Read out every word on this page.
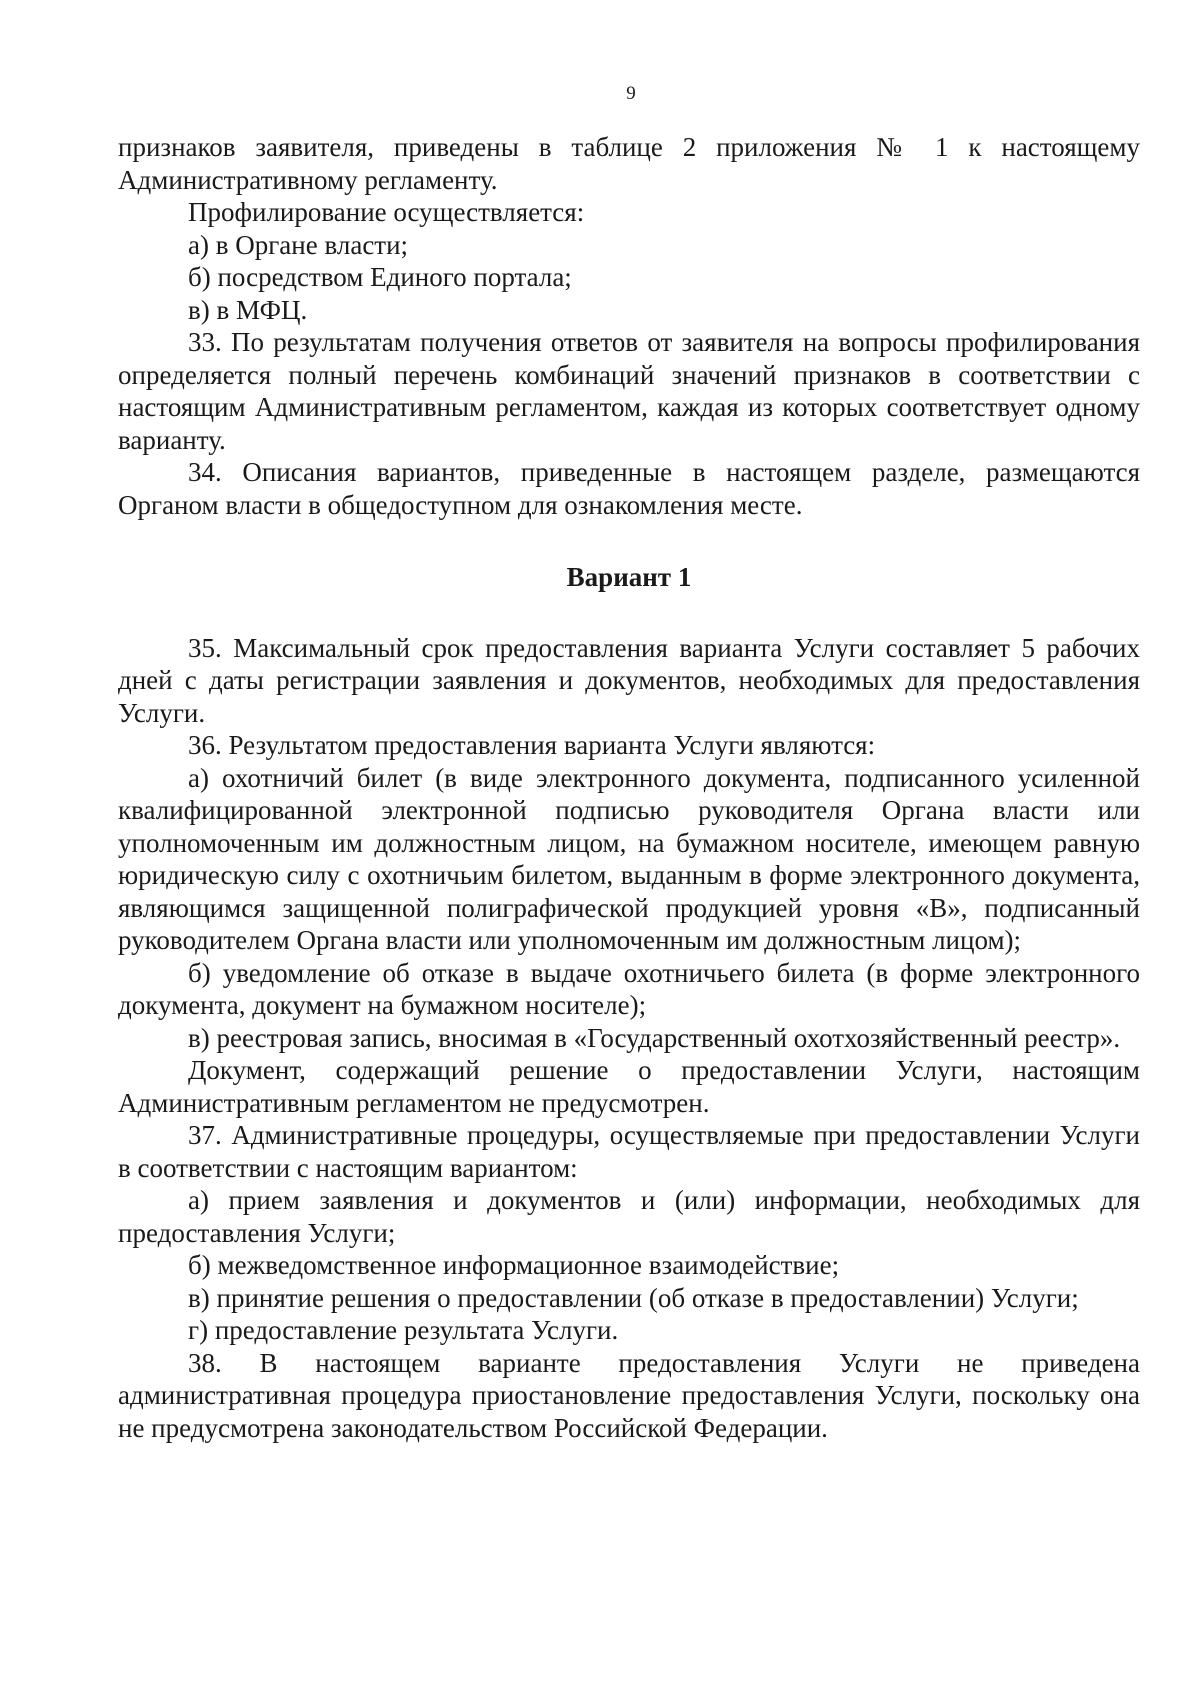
9

признаков заявителя, приведены в таблице 2 приложения № 1 к настоящему Административному регламенту.

Профилирование осуществляется:

а) в Органе власти;

б) посредством Единого портала;

в) в МФЦ.

33. По результатам получения ответов от заявителя на вопросы профилирования определяется полный перечень комбинаций значений признаков в соответствии с настоящим Административным регламентом, каждая из которых соответствует одному варианту.

34. Описания вариантов, приведенные в настоящем разделе, размещаются Органом власти в общедоступном для ознакомления месте.

Вариант 1

35. Максимальный срок предоставления варианта Услуги составляет 5 рабочих дней с даты регистрации заявления и документов, необходимых для предоставления Услуги.

36. Результатом предоставления варианта Услуги являются:

а) охотничий билет (в виде электронного документа, подписанного усиленной квалифицированной электронной подписью руководителя Органа власти или уполномоченным им должностным лицом, на бумажном носителе, имеющем равную юридическую силу с охотничьим билетом, выданным в форме электронного документа, являющимся защищенной полиграфической продукцией уровня «В», подписанный руководителем Органа власти или уполномоченным им должностным лицом);

б) уведомление об отказе в выдаче охотничьего билета (в форме электронного документа, документ на бумажном носителе);

в) реестровая запись, вносимая в «Государственный охотхозяйственный реестр».

Документ, содержащий решение о предоставлении Услуги, настоящим Административным регламентом не предусмотрен.

37. Административные процедуры, осуществляемые при предоставлении Услуги в соответствии с настоящим вариантом:

а) прием заявления и документов и (или) информации, необходимых для предоставления Услуги;

б) межведомственное информационное взаимодействие;

в) принятие решения о предоставлении (об отказе в предоставлении) Услуги;

г) предоставление результата Услуги.

38. В настоящем варианте предоставления Услуги не приведена административная процедура приостановление предоставления Услуги, поскольку она не предусмотрена законодательством Российской Федерации.
